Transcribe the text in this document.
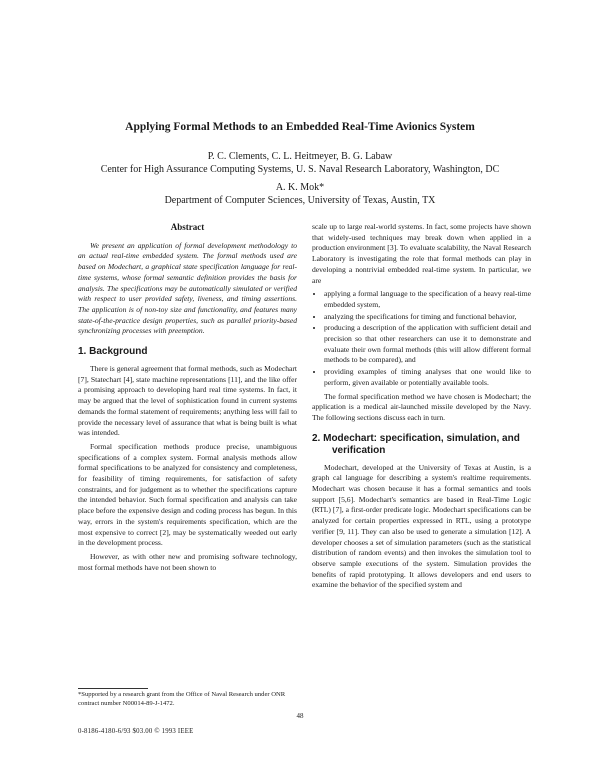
Applying Formal Methods to an Embedded Real-Time Avionics System
P. C. Clements, C. L. Heitmeyer, B. G. Labaw
Center for High Assurance Computing Systems, U. S. Naval Research Laboratory, Washington, DC
A. K. Mok*
Department of Computer Sciences, University of Texas, Austin, TX
Abstract
We present an application of formal development methodology to an actual real-time embedded system. The formal methods used are based on Modechart, a graphical state specification language for real-time systems, whose formal semantic definition provides the basis for analysis. The specifications may be automatically simulated or verified with respect to user provided safety, liveness, and timing assertions. The application is of non-toy size and functionality, and features many state-of-the-practice design properties, such as parallel priority-based synchronizing processes with preemption.
1. Background
There is general agreement that formal methods, such as Modechart [7], Statechart [4], state machine representations [11], and the like offer a promising approach to developing hard real time systems. In fact, it may be argued that the level of sophistication found in current systems demands the formal statement of requirements; anything less will fail to provide the necessary level of assurance that what is being built is what was intended.
Formal specification methods produce precise, unambiguous specifications of a complex system. Formal analysis methods allow formal specifications to be analyzed for consistency and completeness, for feasibility of timing requirements, for satisfaction of safety constraints, and for judgement as to whether the specifications capture the intended behavior. Such formal specification and analysis can take place before the expensive design and coding process has begun. In this way, errors in the system's requirements specification, which are the most expensive to correct [2], may be systematically weeded out early in the development process.
However, as with other new and promising software technology, most formal methods have not been shown to
scale up to large real-world systems. In fact, some projects have shown that widely-used techniques may break down when applied in a production environment [3]. To evaluate scalability, the Naval Research Laboratory is investigating the role that formal methods can play in developing a nontrivial embedded real-time system. In particular, we are
• applying a formal language to the specification of a heavy real-time embedded system,
• analyzing the specifications for timing and functional behavior,
• producing a description of the application with sufficient detail and precision so that other researchers can use it to demonstrate and evaluate their own formal methods (this will allow different formal methods to be compared), and
• providing examples of timing analyses that one would like to perform, given available or potentially available tools.
The formal specification method we have chosen is Modechart; the application is a medical air-launched missile developed by the Navy. The following sections discuss each in turn.
2. Modechart: specification, simulation, and verification
Modechart, developed at the University of Texas at Austin, is a graph cal language for describing a system's realtime requirements. Modechart was chosen because it has a formal semantics and tools support [5,6]. Modechart's semantics are based in Real-Time Logic (RTL) [7], a first-order predicate logic. Modechart specifications can be analyzed for certain properties expressed in RTL, using a prototype verifier [9, 11]. They can also be used to generate a simulation [12]. A developer chooses a set of simulation parameters (such as the statistical distribution of random events) and then invokes the simulation tool to observe sample executions of the system. Simulation provides the benefits of rapid prototyping. It allows developers and end users to examine the behavior of the specified system and
*Supported by a research grant from the Office of Naval Research under ONR contract number N00014-89-J-1472.
48
0-8186-4180-6/93 $03.00 © 1993 IEEE
